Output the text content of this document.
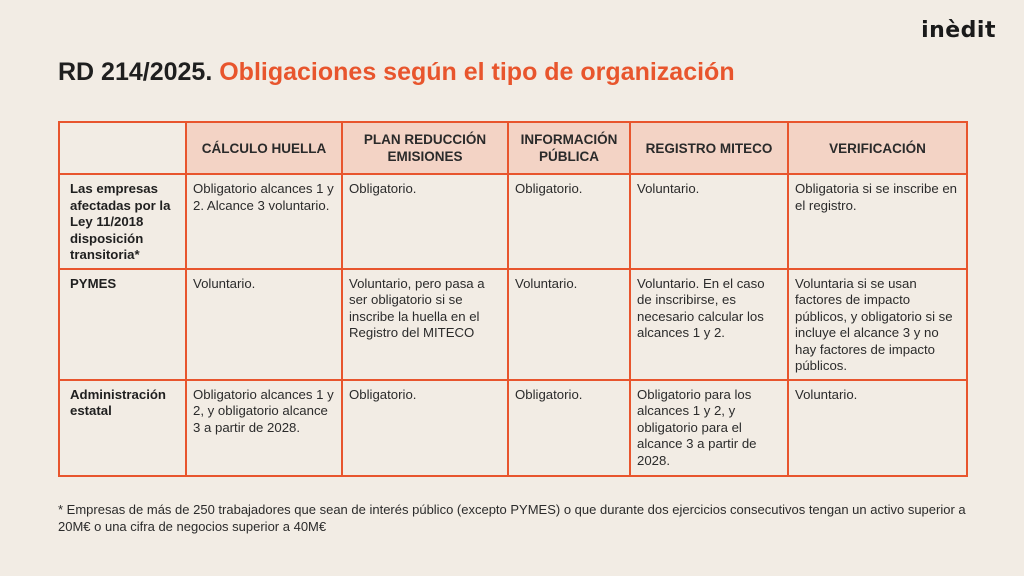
inèdit
RD 214/2025. Obligaciones según el tipo de organización
	CÁLCULO HUELLA	PLAN REDUCCIÓN EMISIONES	INFORMACIÓN PÚBLICA	REGISTRO MITECO	VERIFICACIÓN
Las empresas afectadas por la Ley 11/2018 disposición transitoria*	Obligatorio alcances 1 y 2. Alcance 3 voluntario.	Obligatorio.	Obligatorio.	Voluntario.	Obligatoria si se inscribe en el registro.
PYMES	Voluntario.	Voluntario, pero pasa a ser obligatorio si se inscribe la huella en el Registro del MITECO	Voluntario.	Voluntario. En el caso de inscribirse, es necesario calcular los alcances 1 y 2.	Voluntaria si se usan factores de impacto públicos, y obligatorio si se incluye el alcance 3 y no hay factores de impacto públicos.
Administración estatal	Obligatorio alcances 1 y 2, y obligatorio alcance 3 a partir de 2028.	Obligatorio.	Obligatorio.	Obligatorio para los alcances 1 y 2, y obligatorio para el alcance 3 a partir de 2028.	Voluntario.
* Empresas de más de 250 trabajadores que sean de interés público (excepto PYMES) o que durante dos ejercicios consecutivos tengan un activo superior a 20M€ o una cifra de negocios superior a 40M€
